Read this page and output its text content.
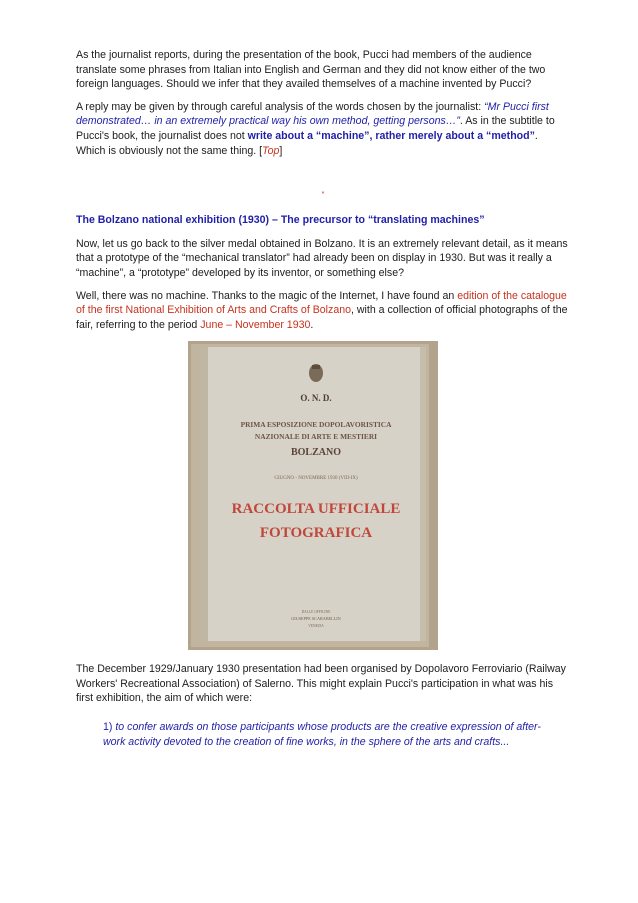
As the journalist reports, during the presentation of the book, Pucci had members of the audience translate some phrases from Italian into English and German and they did not know either of the two foreign languages. Should we infer that they availed themselves of a machine invented by Pucci?

A reply may be given by through careful analysis of the words chosen by the journalist: “Mr Pucci first demonstrated… in an extremely practical way his own method, getting persons…”. As in the subtitle to Pucci's book, the journalist does not write about a “machine”, rather merely about a “method”. Which is obviously not the same thing. [Top]

*

The Bolzano national exhibition (1930) – The precursor to “translating machines”

Now, let us go back to the silver medal obtained in Bolzano. It is an extremely relevant detail, as it means that a prototype of the “mechanical translator” had already been on display in 1930. But was it really a “machine”, a “prototype” developed by its inventor, or something else?

Well, there was no machine. Thanks to the magic of the Internet, I have found an edition of the catalogue of the first National Exhibition of Arts and Crafts of Bolzano, with a collection of official photographs of the fair, referring to the period June – November 1930.

O. N. D.
PRIMA ESPOSIZIONE DOPOLAVORISTICA
NAZIONALE DI ARTE E MESTIERI
BOLZANO
GIUGNO - NOVEMBRE 1930 (VIII-IX)
RACCOLTA UFFICIALE
FOTOGRAFICA
DALLE OFFICINE
GIUSEPPE SCARABELLIN
VENEZIA

The December 1929/January 1930 presentation had been organised by Dopolavoro Ferroviario (Railway Workers' Recreational Association) of Salerno. This might explain Pucci's participation in what was his first exhibition, the aim of which were:

1) to confer awards on those participants whose products are the creative expression of after-work activity devoted to the creation of fine works, in the sphere of the arts and crafts...
